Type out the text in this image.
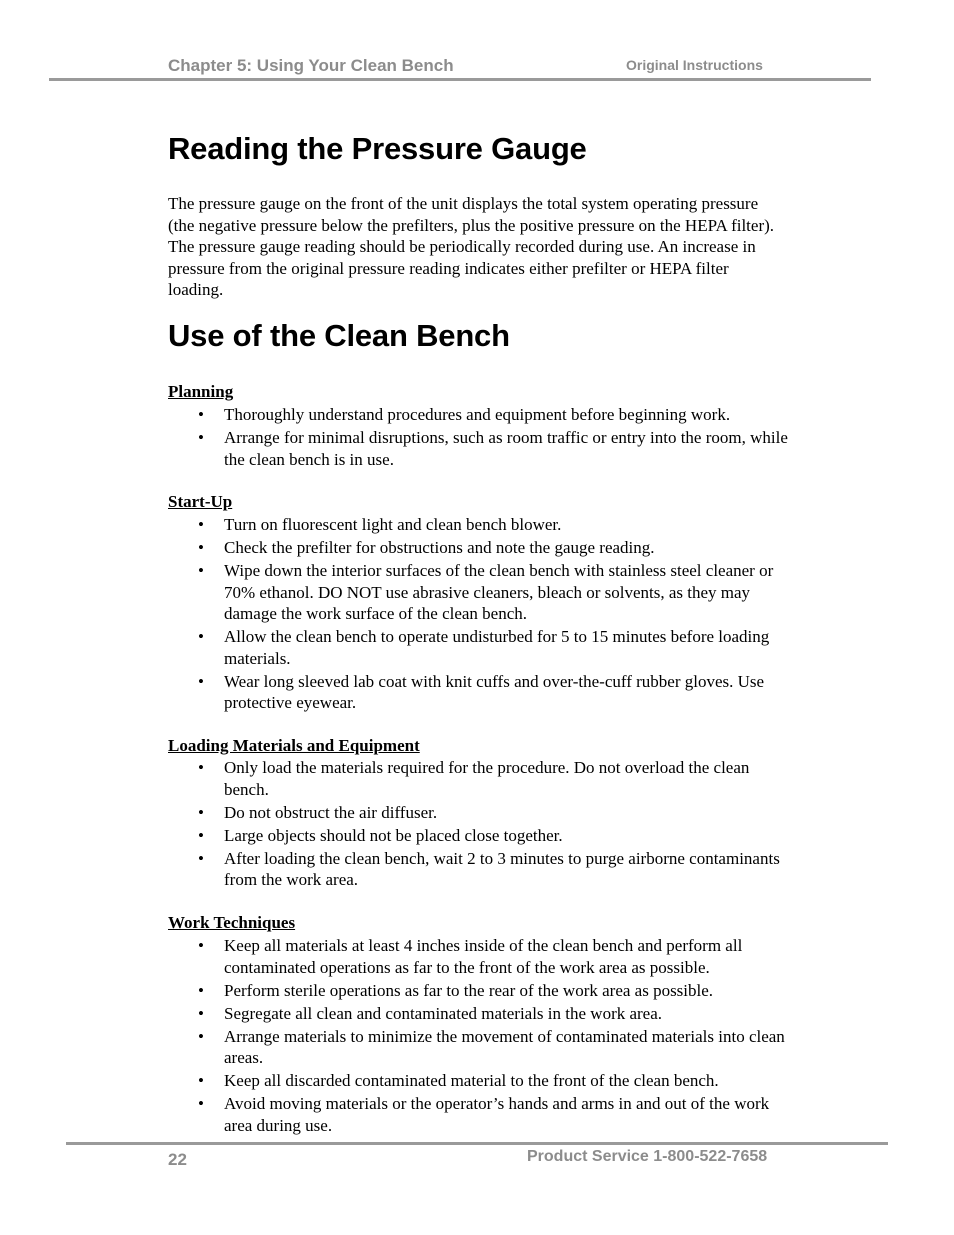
Chapter 5: Using Your Clean Bench	Original Instructions
Reading the Pressure Gauge

The pressure gauge on the front of the unit displays the total system operating pressure (the negative pressure below the prefilters, plus the positive pressure on the HEPA filter). The pressure gauge reading should be periodically recorded during use. An increase in pressure from the original pressure reading indicates either prefilter or HEPA filter loading.

Use of the Clean Bench
Planning
• Thoroughly understand procedures and equipment before beginning work.
• Arrange for minimal disruptions, such as room traffic or entry into the room, while the clean bench is in use.
Start-Up
• Turn on fluorescent light and clean bench blower.
• Check the prefilter for obstructions and note the gauge reading.
• Wipe down the interior surfaces of the clean bench with stainless steel cleaner or 70% ethanol. DO NOT use abrasive cleaners, bleach or solvents, as they may damage the work surface of the clean bench.
• Allow the clean bench to operate undisturbed for 5 to 15 minutes before loading materials.
• Wear long sleeved lab coat with knit cuffs and over-the-cuff rubber gloves. Use protective eyewear.
Loading Materials and Equipment
• Only load the materials required for the procedure. Do not overload the clean bench.
• Do not obstruct the air diffuser.
• Large objects should not be placed close together.
• After loading the clean bench, wait 2 to 3 minutes to purge airborne contaminants from the work area.
Work Techniques
• Keep all materials at least 4 inches inside of the clean bench and perform all contaminated operations as far to the front of the work area as possible.
• Perform sterile operations as far to the rear of the work area as possible.
• Segregate all clean and contaminated materials in the work area.
• Arrange materials to minimize the movement of contaminated materials into clean areas.
• Keep all discarded contaminated material to the front of the clean bench.
• Avoid moving materials or the operator’s hands and arms in and out of the work area during use.
22	Product Service 1-800-522-7658
